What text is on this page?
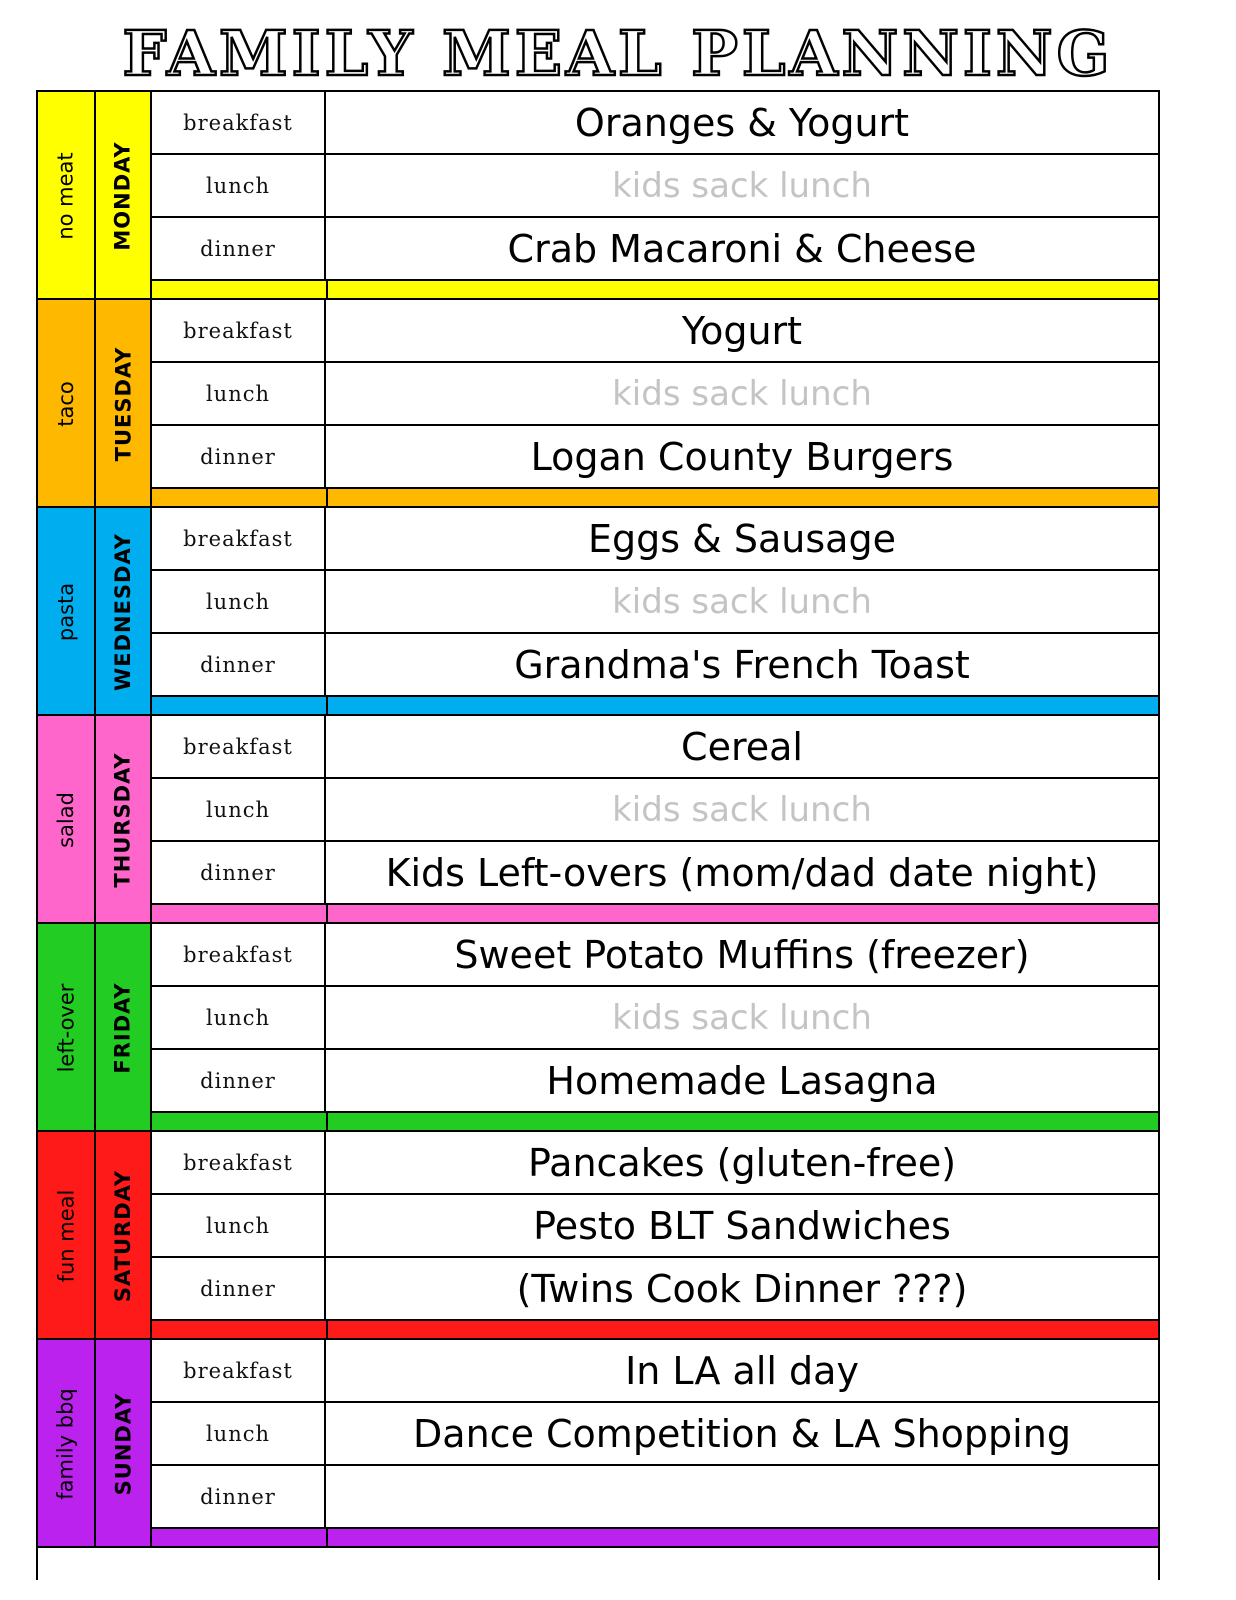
FAMILY MEAL PLANNING
no meat MONDAY
breakfast	Oranges & Yogurt
lunch	kids sack lunch
dinner	Crab Macaroni & Cheese
taco TUESDAY
breakfast	Yogurt
lunch	kids sack lunch
dinner	Logan County Burgers
pasta WEDNESDAY	breakfast	Eggs & Sausage
lunch	kids sack lunch
dinner	Grandma's French Toast
salad THURSDAY
breakfast	Cereal
lunch	kids sack lunch
dinner	Kids Left-overs (mom/dad date night)
left-over FRIDAY
breakfast	Sweet Potato Muffins (freezer)
lunch	kids sack lunch
dinner	Homemade Lasagna
fun meal SATURDAY
breakfast	Pancakes (gluten-free)
lunch	Pesto BLT Sandwiches
dinner	(Twins Cook Dinner ???)
family bbq SUNDAY
breakfast	In LA all day
lunch	Dance Competition & LA Shopping
dinner
